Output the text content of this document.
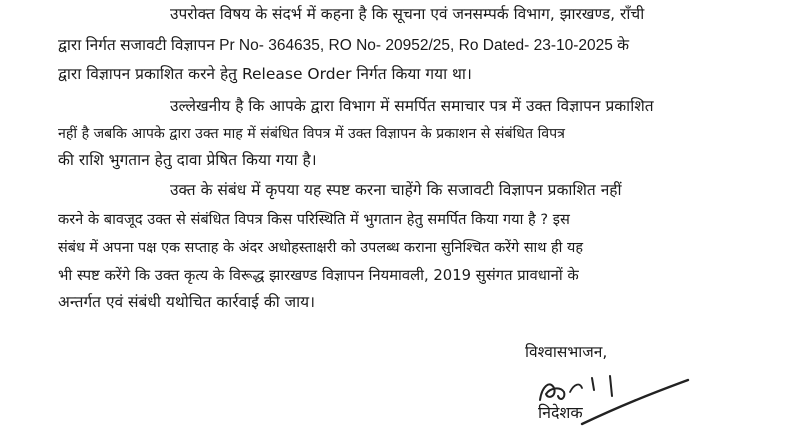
उपरोक्त विषय के संदर्भ में कहना है कि सूचना एवं जनसम्पर्क विभाग, झारखण्ड, राँची
द्वारा निर्गत सजावटी विज्ञापन Pr No- 364635, RO No- 20952/25, Ro Dated- 23-10-2025 के
द्वारा विज्ञापन प्रकाशित करने हेतु Release Order निर्गत किया गया था।
उल्लेखनीय है कि आपके द्वारा विभाग में समर्पित समाचार पत्र में उक्त विज्ञापन प्रकाशित
नहीं है जबकि आपके द्वारा उक्त माह में संबंधित विपत्र में उक्त विज्ञापन के प्रकाशन से संबंधित विपत्र
की राशि भुगतान हेतु दावा प्रेषित किया गया है।
उक्त के संबंध में कृपया यह स्पष्ट करना चाहेंगे कि सजावटी विज्ञापन प्रकाशित नहीं
करने के बावजूद उक्त से संबंधित विपत्र किस परिस्थिति में भुगतान हेतु समर्पित किया गया है ? इस
संबंध में अपना पक्ष एक सप्ताह के अंदर अधोहस्ताक्षरी को उपलब्ध कराना सुनिश्चित करेंगे साथ ही यह
भी स्पष्ट करेंगे कि उक्त कृत्य के विरूद्ध झारखण्ड विज्ञापन नियमावली, 2019 सुसंगत प्रावधानों के
अन्तर्गत एवं संबंधी यथोचित कार्रवाई की जाय।
विश्वासभाजन,
निदेशक
